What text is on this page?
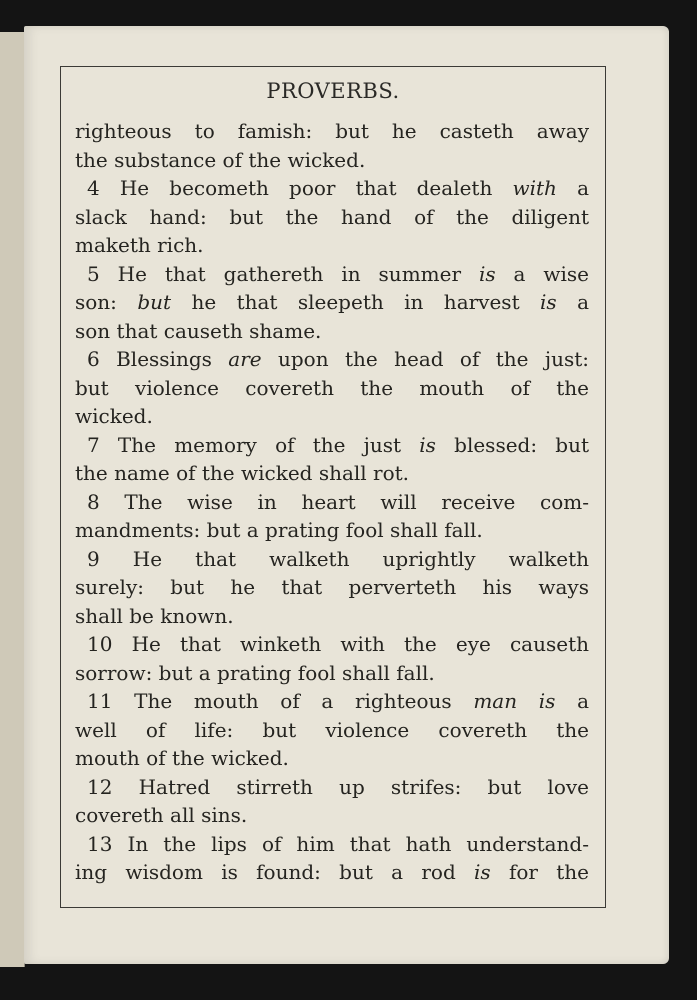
PROVERBS.
righteous to famish: but he casteth away
the substance of the wicked.
4 He becometh poor that dealeth with a
slack hand: but the hand of the diligent
maketh rich.
5 He that gathereth in summer is a wise
son: but he that sleepeth in harvest is a
son that causeth shame.
6 Blessings are upon the head of the just:
but violence covereth the mouth of the
wicked.
7 The memory of the just is blessed: but
the name of the wicked shall rot.
8 The wise in heart will receive com-
mandments: but a prating fool shall fall.
9 He that walketh uprightly walketh
surely: but he that perverteth his ways
shall be known.
10 He that winketh with the eye causeth
sorrow: but a prating fool shall fall.
11 The mouth of a righteous man is a
well of life: but violence covereth the
mouth of the wicked.
12 Hatred stirreth up strifes: but love
covereth all sins.
13 In the lips of him that hath understand-
ing wisdom is found: but a rod is for the
